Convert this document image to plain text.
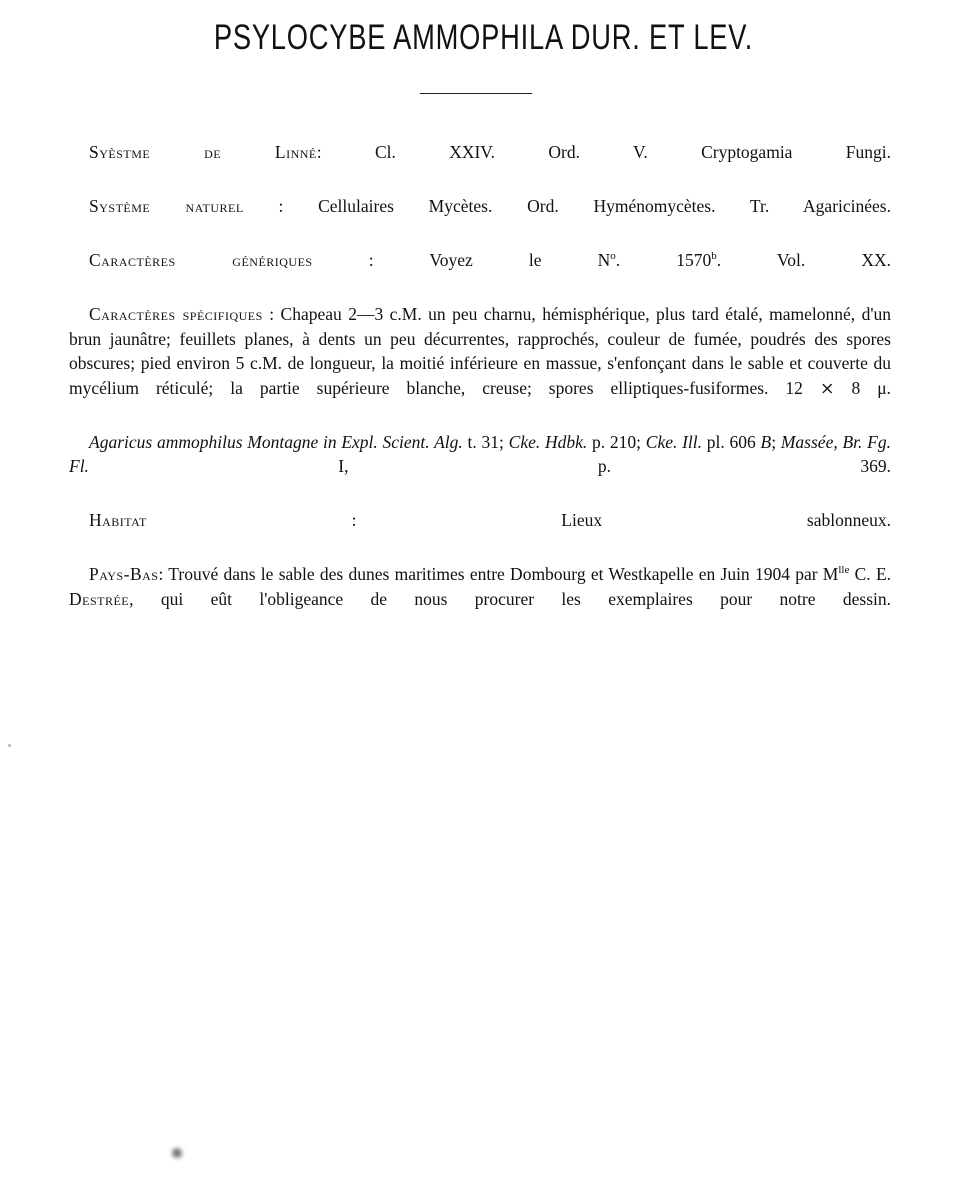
PSYLOCYBE AMMOPHILA DUR. ET LEV.

Syèstme de Linné: Cl. XXIV. Ord. V. Cryptogamia Fungi.

Système naturel : Cellulaires Mycètes. Ord. Hyménomycètes. Tr. Agaricinées.

Caractères génériques : Voyez le $N^o$. 1570$^b$. Vol. XX.

Caractères spécifiques : Chapeau 2—3 c.M. un peu charnu, hémisphérique, plus tard étalé, mamelonné, d'un brun jaunâtre; feuillets planes, à dents un peu décurrentes, rapprochés, couleur de fumée, poudrés des spores obscures; pied environ 5 c.M. de longueur, la moitié inférieure en massue, s'enfonçant dans le sable et couverte du mycélium réticulé; la partie supérieure blanche, creuse; spores elliptiques-fusiformes. 12 ⨯ 8 μ.

Agaricus ammophilus Montagne in Expl. Scient. Alg. t. 31; Cke. Hdbk. p. 210; Cke. Ill. pl. 606 B; Massée, Br. Fg. Fl. I, p. 369.

Habitat : Lieux sablonneux.

Pays-Bas: Trouvé dans le sable des dunes maritimes entre Dombourg et Westkapelle en Juin 1904 par $M^{lle}$ C. E. Destrée, qui eût l'obligeance de nous procurer les exemplaires pour notre dessin.
